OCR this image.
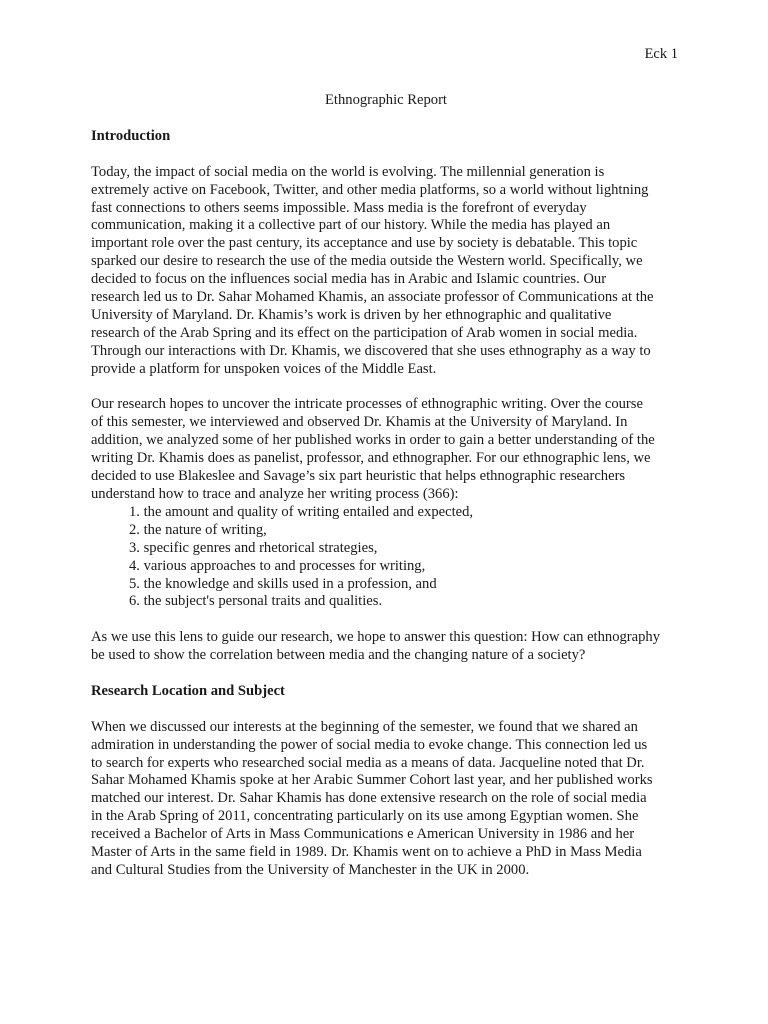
Eck 1
Ethnographic Report
Introduction
Today, the impact of social media on the world is evolving. The millennial generation is
extremely active on Facebook, Twitter, and other media platforms, so a world without lightning
fast connections to others seems impossible. Mass media is the forefront of everyday
communication, making it a collective part of our history. While the media has played an
important role over the past century, its acceptance and use by society is debatable. This topic
sparked our desire to research the use of the media outside the Western world. Specifically, we
decided to focus on the influences social media has in Arabic and Islamic countries. Our
research led us to Dr. Sahar Mohamed Khamis, an associate professor of Communications at the
University of Maryland. Dr. Khamis’s work is driven by her ethnographic and qualitative
research of the Arab Spring and its effect on the participation of Arab women in social media.
Through our interactions with Dr. Khamis, we discovered that she uses ethnography as a way to
provide a platform for unspoken voices of the Middle East.
Our research hopes to uncover the intricate processes of ethnographic writing. Over the course
of this semester, we interviewed and observed Dr. Khamis at the University of Maryland. In
addition, we analyzed some of her published works in order to gain a better understanding of the
writing Dr. Khamis does as panelist, professor, and ethnographer. For our ethnographic lens, we
decided to use Blakeslee and Savage’s six part heuristic that helps ethnographic researchers
understand how to trace and analyze her writing process (366):
1. the amount and quality of writing entailed and expected,
2. the nature of writing,
3. specific genres and rhetorical strategies,
4. various approaches to and processes for writing,
5. the knowledge and skills used in a profession, and
6. the subject's personal traits and qualities.
As we use this lens to guide our research, we hope to answer this question: How can ethnography
be used to show the correlation between media and the changing nature of a society?
Research Location and Subject
When we discussed our interests at the beginning of the semester, we found that we shared an
admiration in understanding the power of social media to evoke change. This connection led us
to search for experts who researched social media as a means of data. Jacqueline noted that Dr.
Sahar Mohamed Khamis spoke at her Arabic Summer Cohort last year, and her published works
matched our interest. Dr. Sahar Khamis has done extensive research on the role of social media
in the Arab Spring of 2011, concentrating particularly on its use among Egyptian women. She
received a Bachelor of Arts in Mass Communications e American University in 1986 and her
Master of Arts in the same field in 1989. Dr. Khamis went on to achieve a PhD in Mass Media
and Cultural Studies from the University of Manchester in the UK in 2000.
